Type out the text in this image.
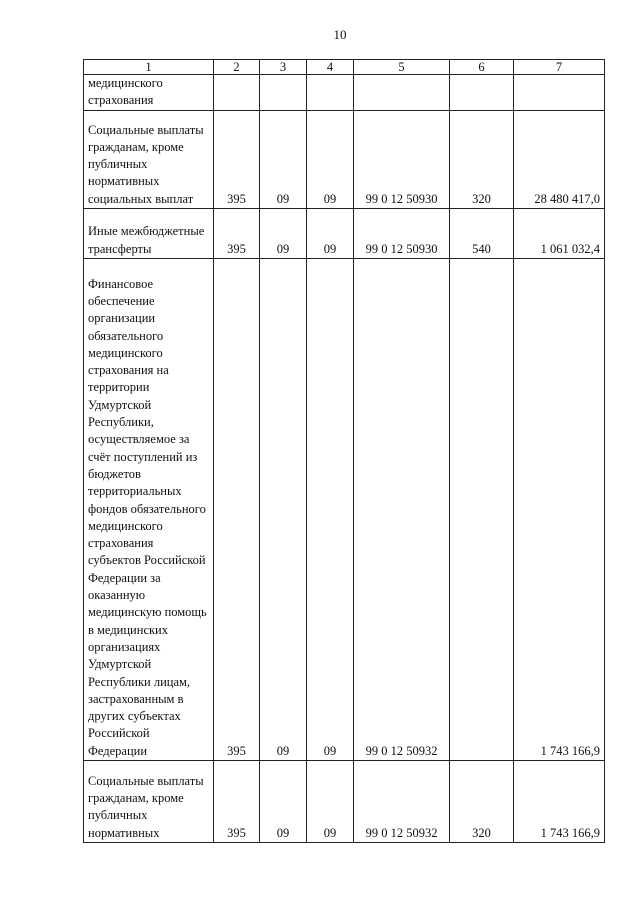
10
1	2	3	4	5	6	7
медицинского страхования						
Социальные выплаты гражданам, кроме публичных нормативных социальных выплат	395	09	09	99 0 12 50930	320	28 480 417,0
Иные межбюджетные трансферты	395	09	09	99 0 12 50930	540	1 061 032,4
Финансовое обеспечение организации обязательного медицинского страхования на территории Удмуртской Республики, осуществляемое за счёт поступлений из бюджетов территориальных фондов обязательного медицинского страхования субъектов Российской Федерации за оказанную медицинскую помощь в медицинских организациях Удмуртской Республики лицам, застрахованным в других субъектах Российской Федерации	395	09	09	99 0 12 50932		1 743 166,9
Социальные выплаты гражданам, кроме публичных нормативных	395	09	09	99 0 12 50932	320	1 743 166,9
